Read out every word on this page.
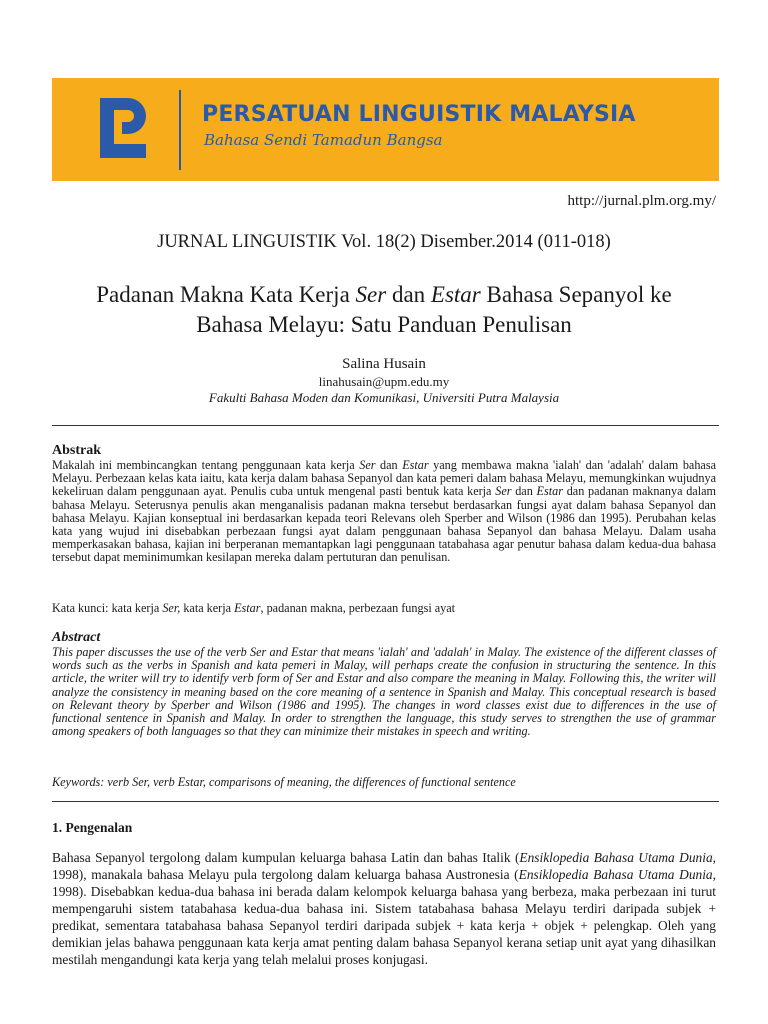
PERSATUAN LINGUISTIK MALAYSIA
Bahasa Sendi Tamadun Bangsa
http://jurnal.plm.org.my/
JURNAL LINGUISTIK Vol. 18(2) Disember.2014 (011-018)
Padanan Makna Kata Kerja Ser dan Estar Bahasa Sepanyol ke
Bahasa Melayu: Satu Panduan Penulisan
Salina Husain
linahusain@upm.edu.my
Fakulti Bahasa Moden dan Komunikasi, Universiti Putra Malaysia
Abstrak

Makalah ini membincangkan tentang penggunaan kata kerja Ser dan Estar yang membawa makna 'ialah' dan 'adalah' dalam bahasa Melayu. Perbezaan kelas kata iaitu, kata kerja dalam bahasa Sepanyol dan kata pemeri dalam bahasa Melayu, memungkinkan wujudnya kekeliruan dalam penggunaan ayat. Penulis cuba untuk mengenal pasti bentuk kata kerja Ser dan Estar dan padanan maknanya dalam bahasa Melayu. Seterusnya penulis akan menganalisis padanan makna tersebut berdasarkan fungsi ayat dalam bahasa Sepanyol dan bahasa Melayu. Kajian konseptual ini berdasarkan kepada teori Relevans oleh Sperber and Wilson (1986 dan 1995). Perubahan kelas kata yang wujud ini disebabkan perbezaan fungsi ayat dalam penggunaan bahasa Sepanyol dan bahasa Melayu. Dalam usaha memperkasakan bahasa, kajian ini berperanan memantapkan lagi penggunaan tatabahasa agar penutur bahasa dalam kedua-dua bahasa tersebut dapat meminimumkan kesilapan mereka dalam pertuturan dan penulisan.

Kata kunci: kata kerja Ser, kata kerja Estar, padanan makna, perbezaan fungsi ayat

Abstract

This paper discusses the use of the verb Ser and Estar that means 'ialah' and 'adalah' in Malay. The existence of the different classes of words such as the verbs in Spanish and kata pemeri in Malay, will perhaps create the confusion in structuring the sentence. In this article, the writer will try to identify verb form of Ser and Estar and also compare the meaning in Malay. Following this, the writer will analyze the consistency in meaning based on the core meaning of a sentence in Spanish and Malay. This conceptual research is based on Relevant theory by Sperber and Wilson (1986 and 1995). The changes in word classes exist due to differences in the use of functional sentence in Spanish and Malay. In order to strengthen the language, this study serves to strengthen the use of grammar among speakers of both languages so that they can minimize their mistakes in speech and writing.

Keywords: verb Ser, verb Estar, comparisons of meaning, the differences of functional sentence

1. Pengenalan

Bahasa Sepanyol tergolong dalam kumpulan keluarga bahasa Latin dan bahas Italik (Ensiklopedia Bahasa Utama Dunia, 1998), manakala bahasa Melayu pula tergolong dalam keluarga bahasa Austronesia (Ensiklopedia Bahasa Utama Dunia, 1998). Disebabkan kedua-dua bahasa ini berada dalam kelompok keluarga bahasa yang berbeza, maka perbezaan ini turut mempengaruhi sistem tatabahasa kedua-dua bahasa ini. Sistem tatabahasa bahasa Melayu terdiri daripada subjek + predikat, sementara tatabahasa bahasa Sepanyol terdiri daripada subjek + kata kerja + objek + pelengkap. Oleh yang demikian jelas bahawa penggunaan kata kerja amat penting dalam bahasa Sepanyol kerana setiap unit ayat yang dihasilkan mestilah mengandungi kata kerja yang telah melalui proses konjugasi.
